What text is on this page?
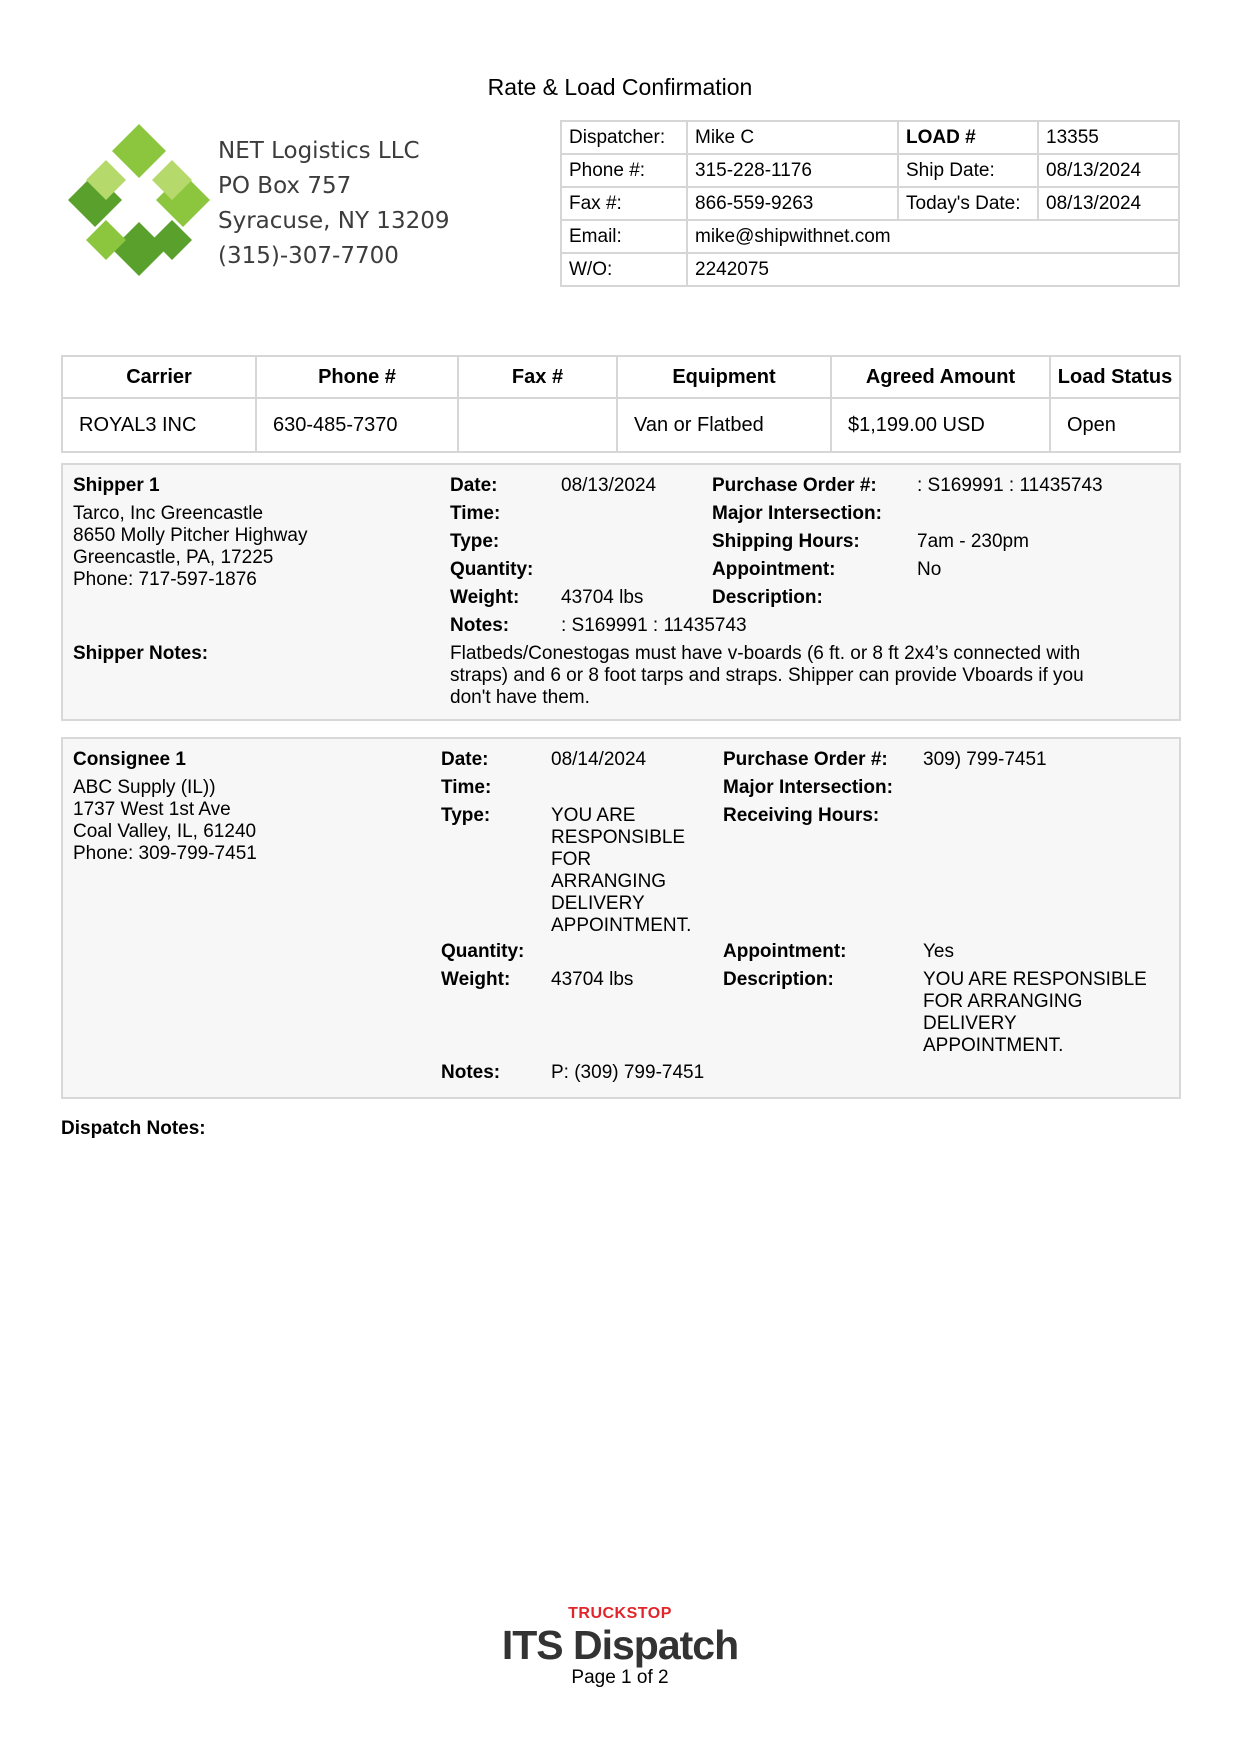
Rate & Load Confirmation
NET Logistics LLC
PO Box 757
Syracuse, NY 13209
(315)-307-7700
Dispatcher:	Mike C	LOAD #	13355
Phone #:	315-228-1176	Ship Date:	08/13/2024
Fax #:	866-559-9263	Today's Date:	08/13/2024
Email:	mike@shipwithnet.com		
W/O:	2242075		
Carrier	Phone #	Fax #	Equipment	Agreed Amount	Load Status
ROYAL3 INC	630-485-7370		Van or Flatbed	$1,199.00 USD	Open
Shipper 1
Tarco, Inc Greencastle
8650 Molly Pitcher Highway
Greencastle, PA, 17225
Phone: 717-597-1876
Date:	08/13/2024
Time:
Type:
Quantity:
Weight: 43704 lbs
Notes:	: S169991 : 11435743
Purchase Order #: : S169991 : 11435743
Major Intersection:
Shipping Hours:	7am - 230pm
Appointment:	No
Description:
Shipper Notes:	Flatbeds/Conestogas must have v-boards (6 ft. or 8 ft 2x4’s connected with
straps) and 6 or 8 foot tarps and straps. Shipper can provide Vboards if you
don't have them.
Consignee 1
ABC Supply (IL))
1737 West 1st Ave
Coal Valley, IL, 61240
Phone: 309-799-7451
Date:	08/14/2024
Time:
Type:	YOU ARE
RESPONSIBLE
FOR
ARRANGING
DELIVERY
APPOINTMENT.
Quantity:
Weight: 43704 lbs
Notes:	P: (309) 799-7451
Purchase Order #: 309) 799-7451
Major Intersection:
Receiving Hours:
Appointment:	Yes
Description:	YOU ARE RESPONSIBLE
FOR ARRANGING
DELIVERY
APPOINTMENT.
Dispatch Notes:
TRUCKSTOP
ITS Dispatch
Page 1 of 2
